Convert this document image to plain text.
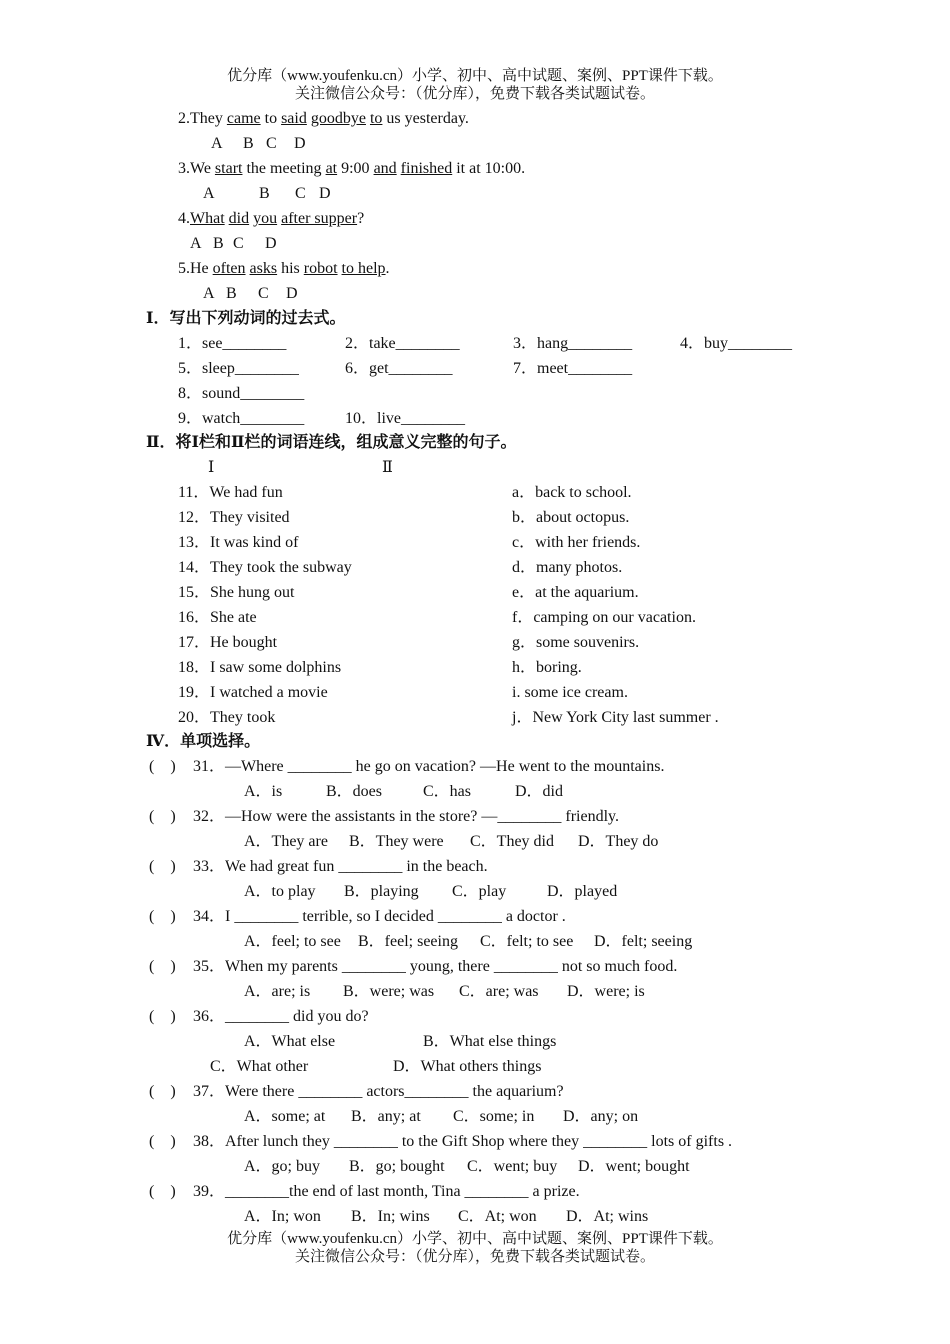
优分库（www.youfenku.cn）小学、初中、高中试题、案例、PPT课件下载。
关注微信公众号：（优分库），免费下载各类试题试卷。
2.They came to said goodbye to us yesterday.
A B C D
3.We start the meeting at 9:00 and finished it at 10:00.
A	B C D
4.What did you after supper?
A B C D
5.He often asks his robot to help.
A B C D
Ⅰ．写出下列动词的过去式。
1．see________	2．take________	3．hang________	4．buy________
5．sleep________	6．get________	7．meet________
8．sound________
9．watch________	10．live________
Ⅱ．将Ⅰ栏和Ⅱ栏的词语连线，组成意义完整的句子。
Ⅰ	Ⅱ
11．We had fun	a．back to school.
12．They visited	b．about octopus.
13．It was kind of	c．with her friends.
14．They took the subway	d．many photos.
15．She hung out	e．at the aquarium.
16．She ate	f．camping on our vacation.
17．He bought	g．some souvenirs.
18．I saw some dolphins	h．boring.
19．I watched a movie	i. some ice cream.
20．They took	j．New York City last summer .
Ⅳ．单项选择。
(　) 31．—Where ________ he go on vacation? —He went to the mountains.
A．is	B．does	C．has	D．did
(　) 32．—How were the assistants in the store? —________ friendly.
A．They are B．They were C．They did D．They do
(　) 33．We had great fun ________ in the beach.
A．to play B．playing C．play	D．played
(　) 34．I ________ terrible, so I decided ________ a doctor .
A．feel; to see B．feel; seeing C．felt; to see D．felt; seeing
(　) 35．When my parents ________ young, there ________ not so much food.
A．are; is B．were; was C．are; was D．were; is
(　) 36．________ did you do?
A．What else	B．What else things
C．What other	D．What others things
(　) 37．Were there ________ actors________ the aquarium?
A．some; at B．any; at C．some; in D．any; on
(　) 38．After lunch they ________ to the Gift Shop where they ________ lots of gifts .
A．go; buy B．go; bought C．went; buy D．went; bought
(　) 39．________the end of last month, Tina ________ a prize.
A．In; won B．In; wins C．At; won D．At; wins
优分库（www.youfenku.cn）小学、初中、高中试题、案例、PPT课件下载。
关注微信公众号：（优分库），免费下载各类试题试卷。
